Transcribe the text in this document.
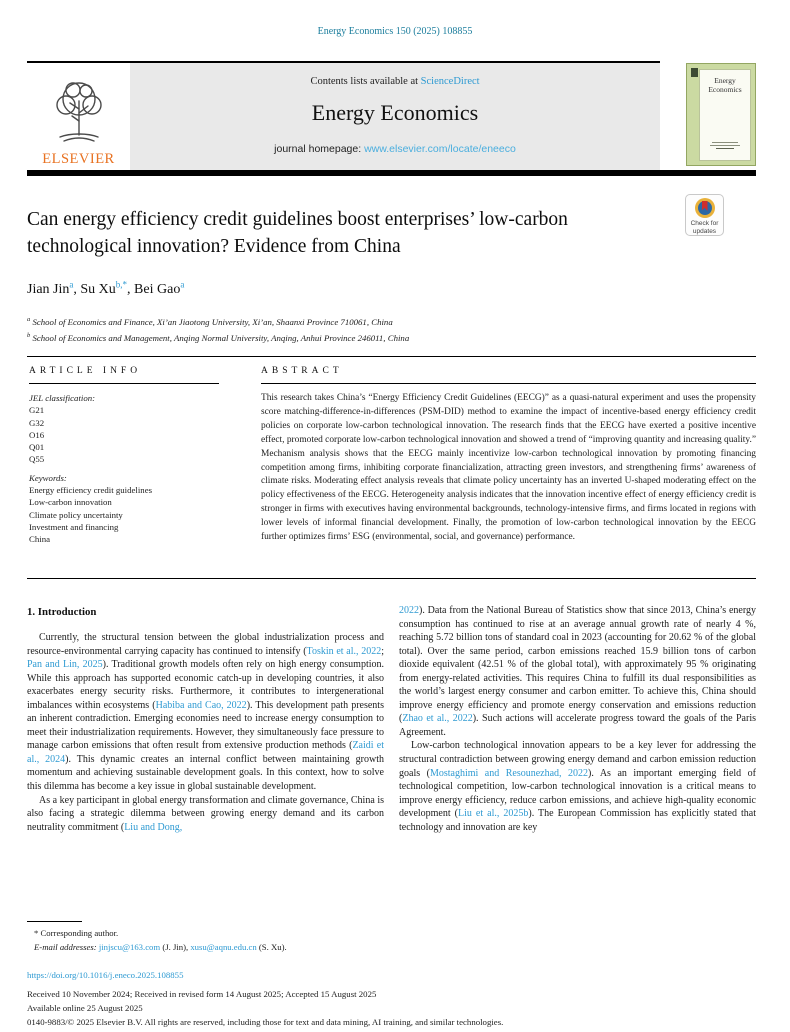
Energy Economics 150 (2025) 108855
ELSEVIER
Contents lists available at ScienceDirect
Energy Economics
journal homepage: www.elsevier.com/locate/eneeco
Energy Economics
Check for
updates
Can energy efficiency credit guidelines boost enterprises’ low-carbon technological innovation? Evidence from China
Jian Jin$^a$, Su $Xu^{b,*}$, Bei Gao$^a$
$^a$ School of Economics and Finance, Xi’an Jiaotong University, Xi’an, Shaanxi Province 710061, China
$^b$ School of Economics and Management, Anqing Normal University, Anqing, Anhui Province 246011, China
ARTICLE INFO
JEL classification:
G21
G32
O16
Q01
Q55
Keywords:
Energy efficiency credit guidelines
Low-carbon innovation
Climate policy uncertainty
Investment and financing
China
ABSTRACT
This research takes China’s “Energy Efficiency Credit Guidelines (EECG)” as a quasi-natural experiment and uses the propensity score matching-difference-in-differences (PSM-DID) method to examine the impact of incentive-based energy efficiency credit policies on corporate low-carbon technological innovation. The research finds that the EECG have exerted a positive incentive effect, promoted corporate low-carbon technological innovation and showed a trend of “improving quantity and increasing quality.” Mechanism analysis shows that the EECG mainly incentivize low-carbon technological innovation by promoting financing competition among firms, inhibiting corporate financialization, attracting green investors, and strengthening firms’ awareness of climate risks. Moderating effect analysis reveals that climate policy uncertainty has an inverted U-shaped moderating effect on the policy effectiveness of the EECG. Heterogeneity analysis indicates that the innovation incentive effect of energy efficiency credit is stronger in firms with executives having environmental backgrounds, technology-intensive firms, and firms located in regions with lower levels of informal financial development. Finally, the promotion of low-carbon technological innovation by the EECG further optimizes firms’ ESG (environmental, social, and governance) performance.
1. Introduction

Currently, the structural tension between the global industrialization process and resource-environmental carrying capacity has continued to intensify (Toskin et al., 2022; Pan and Lin, 2025). Traditional growth models often rely on high energy consumption. While this approach has supported economic catch-up in developing countries, it also exacerbates energy security risks. Furthermore, it contributes to intergenerational imbalances within ecosystems (Habiba and Cao, 2022). This development path presents an inherent contradiction. Emerging economies need to increase energy consumption to meet their industrialization requirements. However, they simultaneously face pressure to manage carbon emissions that often result from extensive production methods (Zaidi et al., 2024). This dynamic creates an internal conflict between maintaining growth momentum and achieving sustainable development goals. In this context, how to solve this dilemma has become a key issue in global sustainable development.

As a key participant in global energy transformation and climate governance, China is also facing a strategic dilemma between growing energy demand and its carbon neutrality commitment (Liu and Dong,

2022). Data from the National Bureau of Statistics show that since 2013, China’s energy consumption has continued to rise at an average annual growth rate of nearly 4 %, reaching 5.72 billion tons of standard coal in 2023 (accounting for 20.62 % of the global total). Over the same period, carbon emissions reached 15.9 billion tons of carbon dioxide equivalent (42.51 % of the global total), with approximately 95 % originating from energy-related activities. This requires China to fulfill its dual responsibilities as the world’s largest energy consumer and carbon emitter. To achieve this, China should improve energy efficiency and promote energy conservation and emissions reduction (Zhao et al., 2022). Such actions will accelerate progress toward the goals of the Paris Agreement.

Low-carbon technological innovation appears to be a key lever for addressing the structural contradiction between growing energy demand and carbon emission reduction goals (Mostaghimi and Resounezhad, 2022). As an important emerging field of technological competition, low-carbon technological innovation is a critical means to improve energy efficiency, reduce carbon emissions, and achieve high-quality economic development (Liu et al., 2025b). The European Commission has explicitly stated that technology and innovation are key

* Corresponding author.
E-mail addresses: jinjscu@163.com (J. Jin), xusu@aqnu.edu.cn (S. Xu).
https://doi.org/10.1016/j.eneco.2025.108855
Received 10 November 2024; Received in revised form 14 August 2025; Accepted 15 August 2025
Available online 25 August 2025
0140-9883/© 2025 Elsevier B.V. All rights are reserved, including those for text and data mining, AI training, and similar technologies.
